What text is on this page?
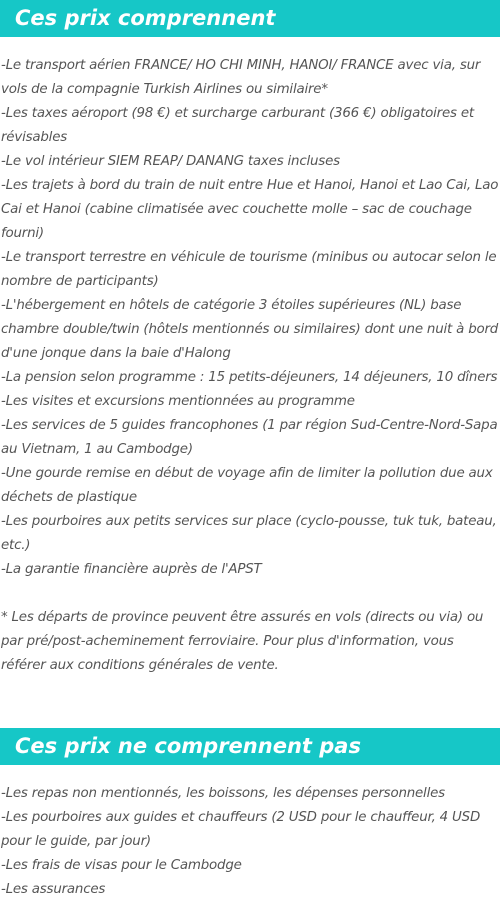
Ces prix comprennent
-Le transport aérien FRANCE/ HO CHI MINH, HANOI/ FRANCE avec via, sur vols de la compagnie Turkish Airlines ou similaire*
-Les taxes aéroport (98 €) et surcharge carburant (366 €) obligatoires et révisables
-Le vol intérieur SIEM REAP/ DANANG taxes incluses
-Les trajets à bord du train de nuit entre Hue et Hanoi, Hanoi et Lao Cai, Lao Cai et Hanoi (cabine climatisée avec couchette molle – sac de couchage fourni)
-Le transport terrestre en véhicule de tourisme (minibus ou autocar selon le nombre de participants)
-L'hébergement en hôtels de catégorie 3 étoiles supérieures (NL) base chambre double/twin (hôtels mentionnés ou similaires) dont une nuit à bord d'une jonque dans la baie d'Halong
-La pension selon programme : 15 petits-déjeuners, 14 déjeuners, 10 dîners
-Les visites et excursions mentionnées au programme
-Les services de 5 guides francophones (1 par région Sud-Centre-Nord-Sapa au Vietnam, 1 au Cambodge)
-Une gourde remise en début de voyage afin de limiter la pollution due aux déchets de plastique
-Les pourboires aux petits services sur place (cyclo-pousse, tuk tuk, bateau, etc.)
-La garantie financière auprès de l'APST

* Les départs de province peuvent être assurés en vols (directs ou via) ou par pré/post-acheminement ferroviaire. Pour plus d'information, vous référer aux conditions générales de vente.

Ces prix ne comprennent pas
-Les repas non mentionnés, les boissons, les dépenses personnelles
-Les pourboires aux guides et chauffeurs (2 USD pour le chauffeur, 4 USD pour le guide, par jour)
-Les frais de visas pour le Cambodge
-Les assurances
